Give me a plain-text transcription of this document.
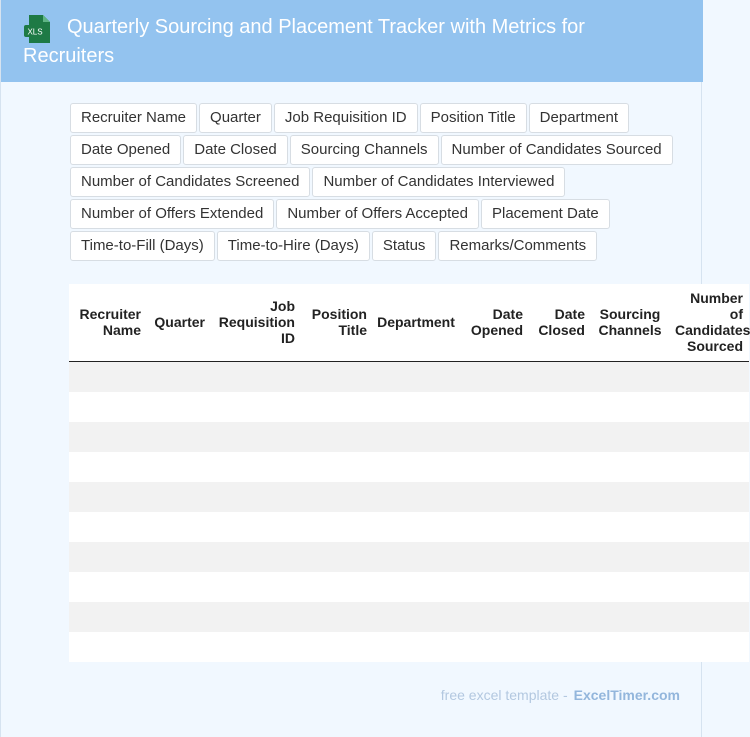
XLS	Quarterly Sourcing and Placement Tracker with Metrics for Recruiters
Recruiter Name	Quarter	Job Requisition ID	Position Title	Department
Date Opened	Date Closed	Sourcing Channels	Number of Candidates Sourced
Number of Candidates Screened	Number of Candidates Interviewed
Number of Offers Extended	Number of Offers Accepted	Placement Date
Time-to-Fill (Days)	Time-to-Hire (Days)	Status	Remarks/Comments
Recruiter Name	Quarter	Job Requisition ID	Position Title	Department	Date Opened	Date Closed	Sourcing Channels	Number of Candidates Sourced

free excel template - ExcelTimer.com
